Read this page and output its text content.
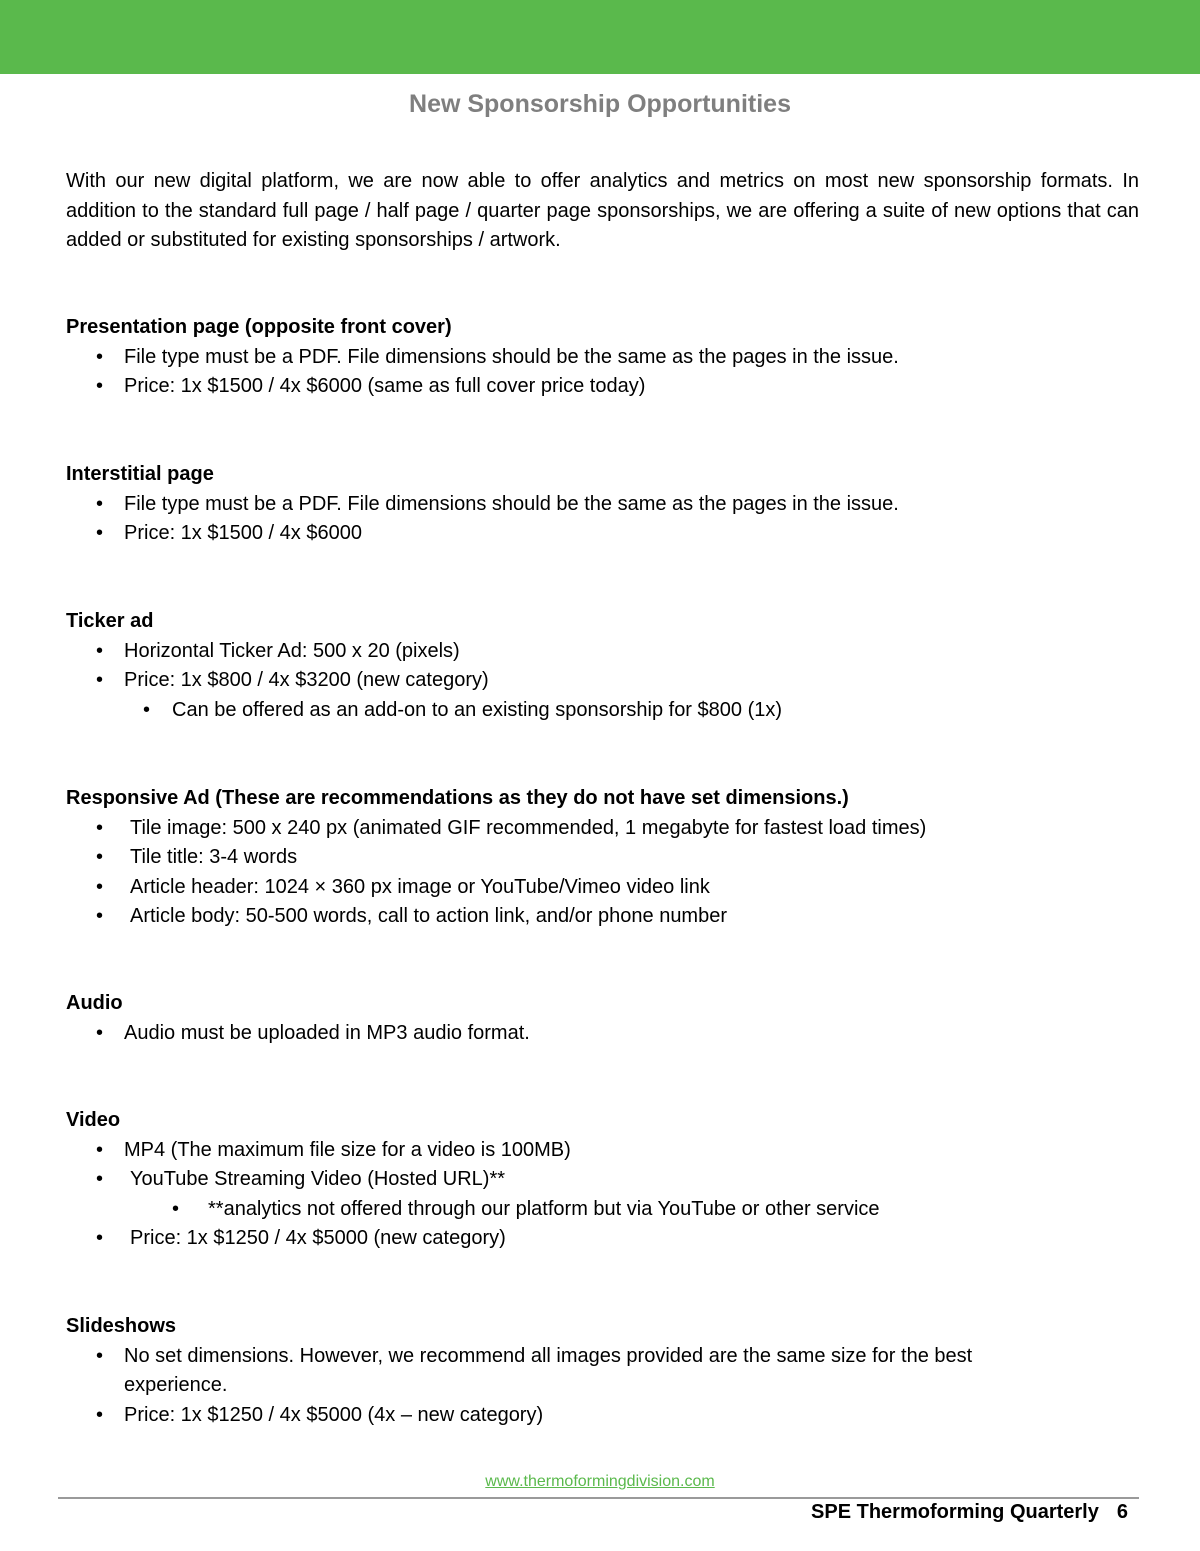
New Sponsorship Opportunities

With our new digital platform, we are now able to offer analytics and metrics on most new sponsorship formats. In addition to the standard full page / half page / quarter page sponsorships, we are offering a suite of new options that can added or substituted for existing sponsorships / artwork.

Presentation page (opposite front cover)
• File type must be a PDF. File dimensions should be the same as the pages in the issue.
• Price: 1x $1500 / 4x $6000 (same as full cover price today)
Interstitial page
• File type must be a PDF. File dimensions should be the same as the pages in the issue.
• Price: 1x $1500 / 4x $6000
Ticker ad
• Horizontal Ticker Ad: 500 x 20 (pixels)
• Price: 1x $800 / 4x $3200 (new category)
• Can be offered as an add-on to an existing sponsorship for $800 (1x)
Responsive Ad (These are recommendations as they do not have set dimensions.)
• Tile image: 500 x 240 px (animated GIF recommended, 1 megabyte for fastest load times)
• Tile title: 3-4 words
• Article header: 1024 × 360 px image or YouTube/Vimeo video link
• Article body: 50-500 words, call to action link, and/or phone number
Audio
• Audio must be uploaded in MP3 audio format.
Video
• MP4 (The maximum file size for a video is 100MB)
• YouTube Streaming Video (Hosted URL)**
• **analytics not offered through our platform but via YouTube or other service
• Price: 1x $1250 / 4x $5000 (new category)
Slideshows
• No set dimensions. However, we recommend all images provided are the same size for the best experience.
• Price: 1x $1250 / 4x $5000 (4x – new category)
www.thermoformingdivision.com
SPE Thermoforming Quarterly 6
